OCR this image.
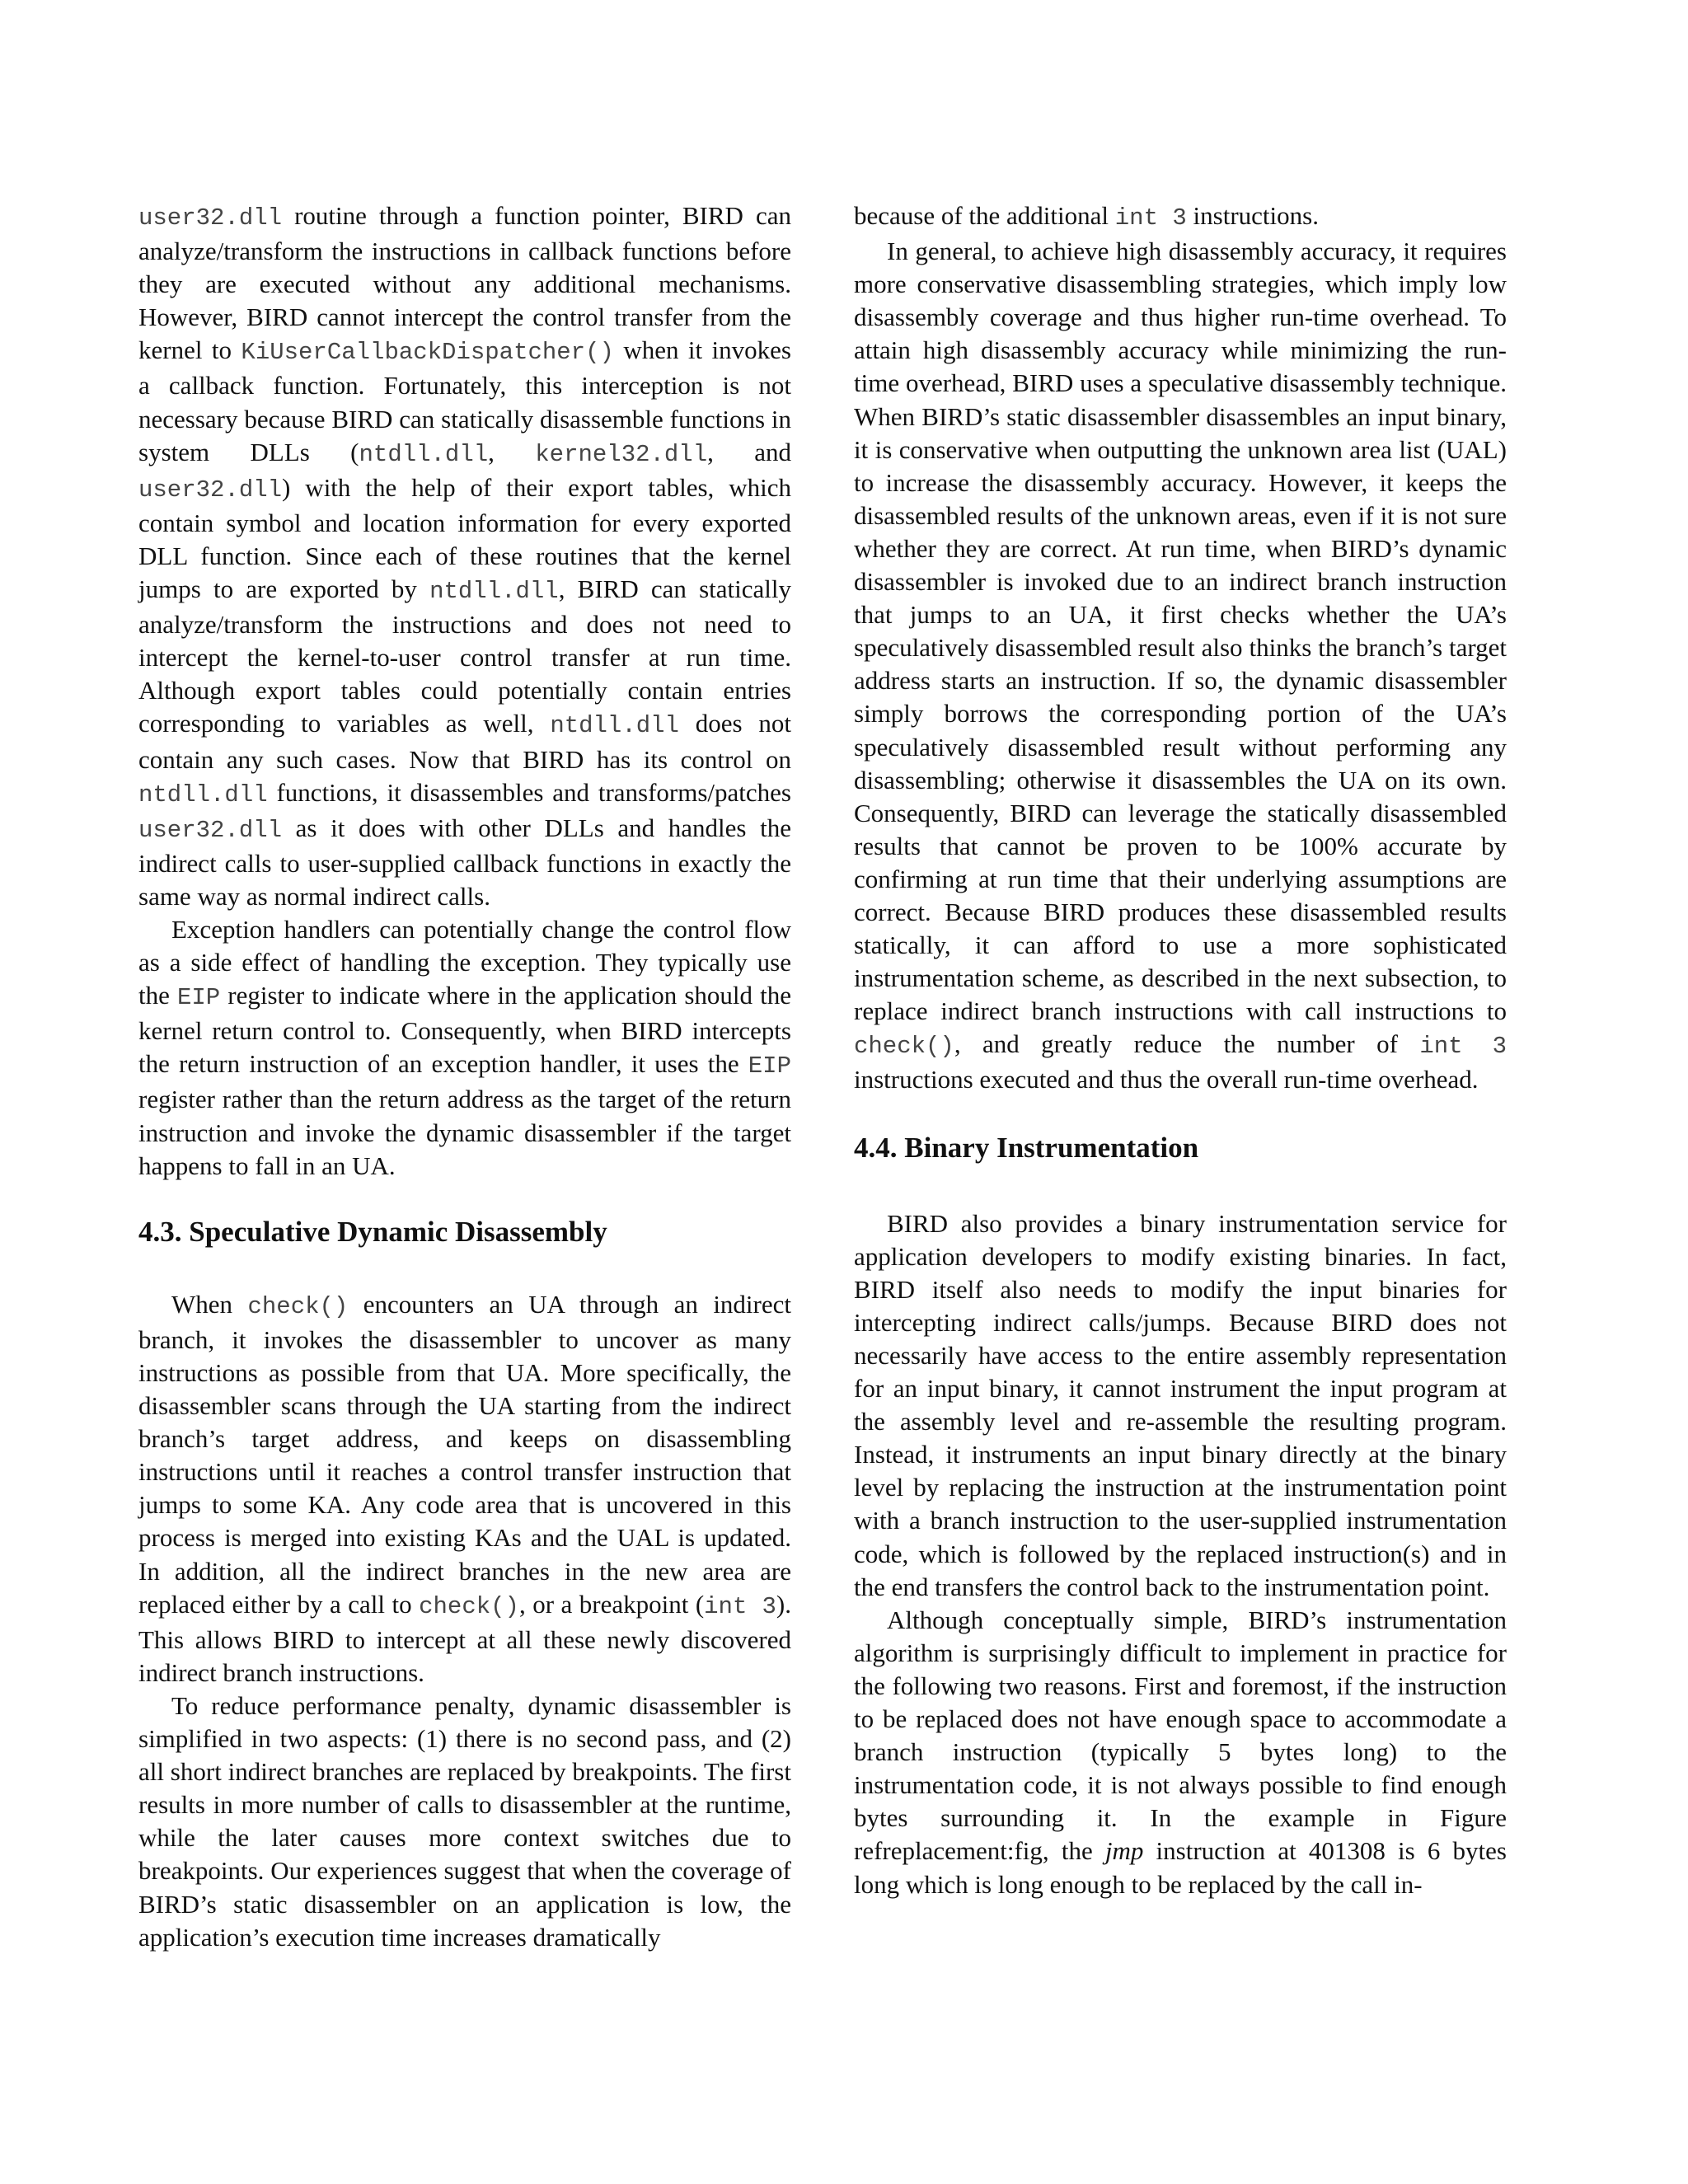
user32.dll routine through a function pointer, BIRD can analyze/transform the instructions in callback functions before they are executed without any additional mechanisms. However, BIRD cannot intercept the control transfer from the kernel to KiUserCallbackDispatcher() when it invokes a callback function. Fortunately, this interception is not necessary because BIRD can statically disassemble functions in system DLLs (ntdll.dll, kernel32.dll, and user32.dll) with the help of their export tables, which contain symbol and location information for every exported DLL function. Since each of these routines that the kernel jumps to are exported by ntdll.dll, BIRD can statically analyze/transform the instructions and does not need to intercept the kernel-to-user control transfer at run time. Although export tables could potentially contain entries corresponding to variables as well, ntdll.dll does not contain any such cases. Now that BIRD has its control on ntdll.dll functions, it disassembles and transforms/patches user32.dll as it does with other DLLs and handles the indirect calls to user-supplied callback functions in exactly the same way as normal indirect calls.

Exception handlers can potentially change the control flow as a side effect of handling the exception. They typically use the EIP register to indicate where in the application should the kernel return control to. Consequently, when BIRD intercepts the return instruction of an exception handler, it uses the EIP register rather than the return address as the target of the return instruction and invoke the dynamic disassembler if the target happens to fall in an UA.

4.3. Speculative Dynamic Disassembly

When check() encounters an UA through an indirect branch, it invokes the disassembler to uncover as many instructions as possible from that UA. More specifically, the disassembler scans through the UA starting from the indirect branch’s target address, and keeps on disassembling instructions until it reaches a control transfer instruction that jumps to some KA. Any code area that is uncovered in this process is merged into existing KAs and the UAL is updated. In addition, all the indirect branches in the new area are replaced either by a call to check(), or a breakpoint (int 3). This allows BIRD to intercept at all these newly discovered indirect branch instructions.

To reduce performance penalty, dynamic disassembler is simplified in two aspects: (1) there is no second pass, and (2) all short indirect branches are replaced by breakpoints. The first results in more number of calls to disassembler at the runtime, while the later causes more context switches due to breakpoints. Our experiences suggest that when the coverage of BIRD’s static disassembler on an application is low, the application’s execution time increases dramatically

because of the additional int 3 instructions.

In general, to achieve high disassembly accuracy, it requires more conservative disassembling strategies, which imply low disassembly coverage and thus higher run-time overhead. To attain high disassembly accuracy while minimizing the run-time overhead, BIRD uses a speculative disassembly technique. When BIRD’s static disassembler disassembles an input binary, it is conservative when outputting the unknown area list (UAL) to increase the disassembly accuracy. However, it keeps the disassembled results of the unknown areas, even if it is not sure whether they are correct. At run time, when BIRD’s dynamic disassembler is invoked due to an indirect branch instruction that jumps to an UA, it first checks whether the UA’s speculatively disassembled result also thinks the branch’s target address starts an instruction. If so, the dynamic disassembler simply borrows the corresponding portion of the UA’s speculatively disassembled result without performing any disassembling; otherwise it disassembles the UA on its own. Consequently, BIRD can leverage the statically disassembled results that cannot be proven to be 100% accurate by confirming at run time that their underlying assumptions are correct. Because BIRD produces these disassembled results statically, it can afford to use a more sophisticated instrumentation scheme, as described in the next subsection, to replace indirect branch instructions with call instructions to check(), and greatly reduce the number of int 3 instructions executed and thus the overall run-time overhead.

4.4. Binary Instrumentation

BIRD also provides a binary instrumentation service for application developers to modify existing binaries. In fact, BIRD itself also needs to modify the input binaries for intercepting indirect calls/jumps. Because BIRD does not necessarily have access to the entire assembly representation for an input binary, it cannot instrument the input program at the assembly level and re-assemble the resulting program. Instead, it instruments an input binary directly at the binary level by replacing the instruction at the instrumentation point with a branch instruction to the user-supplied instrumentation code, which is followed by the replaced instruction(s) and in the end transfers the control back to the instrumentation point.

Although conceptually simple, BIRD’s instrumentation algorithm is surprisingly difficult to implement in practice for the following two reasons. First and foremost, if the instruction to be replaced does not have enough space to accommodate a branch instruction (typically 5 bytes long) to the instrumentation code, it is not always possible to find enough bytes surrounding it. In the example in Figure refreplacement:fig, the jmp instruction at 401308 is 6 bytes long which is long enough to be replaced by the call in-
